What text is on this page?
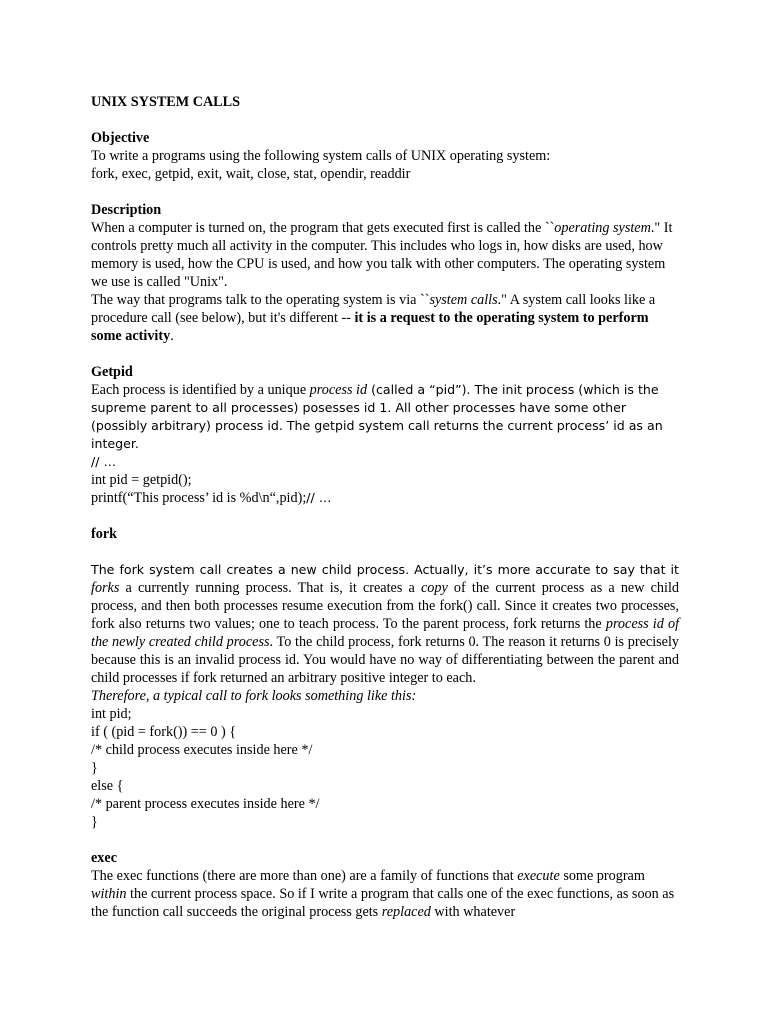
UNIX SYSTEM CALLS

Objective

To write a programs using the following system calls of UNIX operating system:

fork, exec, getpid, exit, wait, close, stat, opendir, readdir

Description

When a computer is turned on, the program that gets executed first is called the ``operating system." It controls pretty much all activity in the computer. This includes who logs in, how disks are used, how memory is used, how the CPU is used, and how you talk with other computers. The operating system we use is called "Unix".

The way that programs talk to the operating system is via ``system calls." A system call looks like a procedure call (see below), but it's different -- it is a request to the operating system to perform some activity.

Getpid

Each process is identified by a unique process id (called a “pid”). The init process (which is the supreme parent to all processes) posesses id 1. All other processes have some other (possibly arbitrary) process id. The getpid system call returns the current process’ id as an integer.

// …

int pid = getpid();

printf(“This process’ id is %d\n“,pid);// …

fork

The fork system call creates a new child process. Actually, it’s more accurate to say that it forks a currently running process. That is, it creates a copy of the current process as a new child process, and then both processes resume execution from the fork() call. Since it creates two processes, fork also returns two values; one to teach process. To the parent process, fork returns the process id of the newly created child process. To the child process, fork returns 0. The reason it returns 0 is precisely because this is an invalid process id. You would have no way of differentiating between the parent and child processes if fork returned an arbitrary positive integer to each.

Therefore, a typical call to fork looks something like this:

int pid;

if ( (pid = fork()) == 0 ) {

/* child process executes inside here */

}

else {

/* parent process executes inside here */

}

exec

The exec functions (there are more than one) are a family of functions that execute some program within the current process space. So if I write a program that calls one of the exec functions, as soon as the function call succeeds the original process gets replaced with whatever
